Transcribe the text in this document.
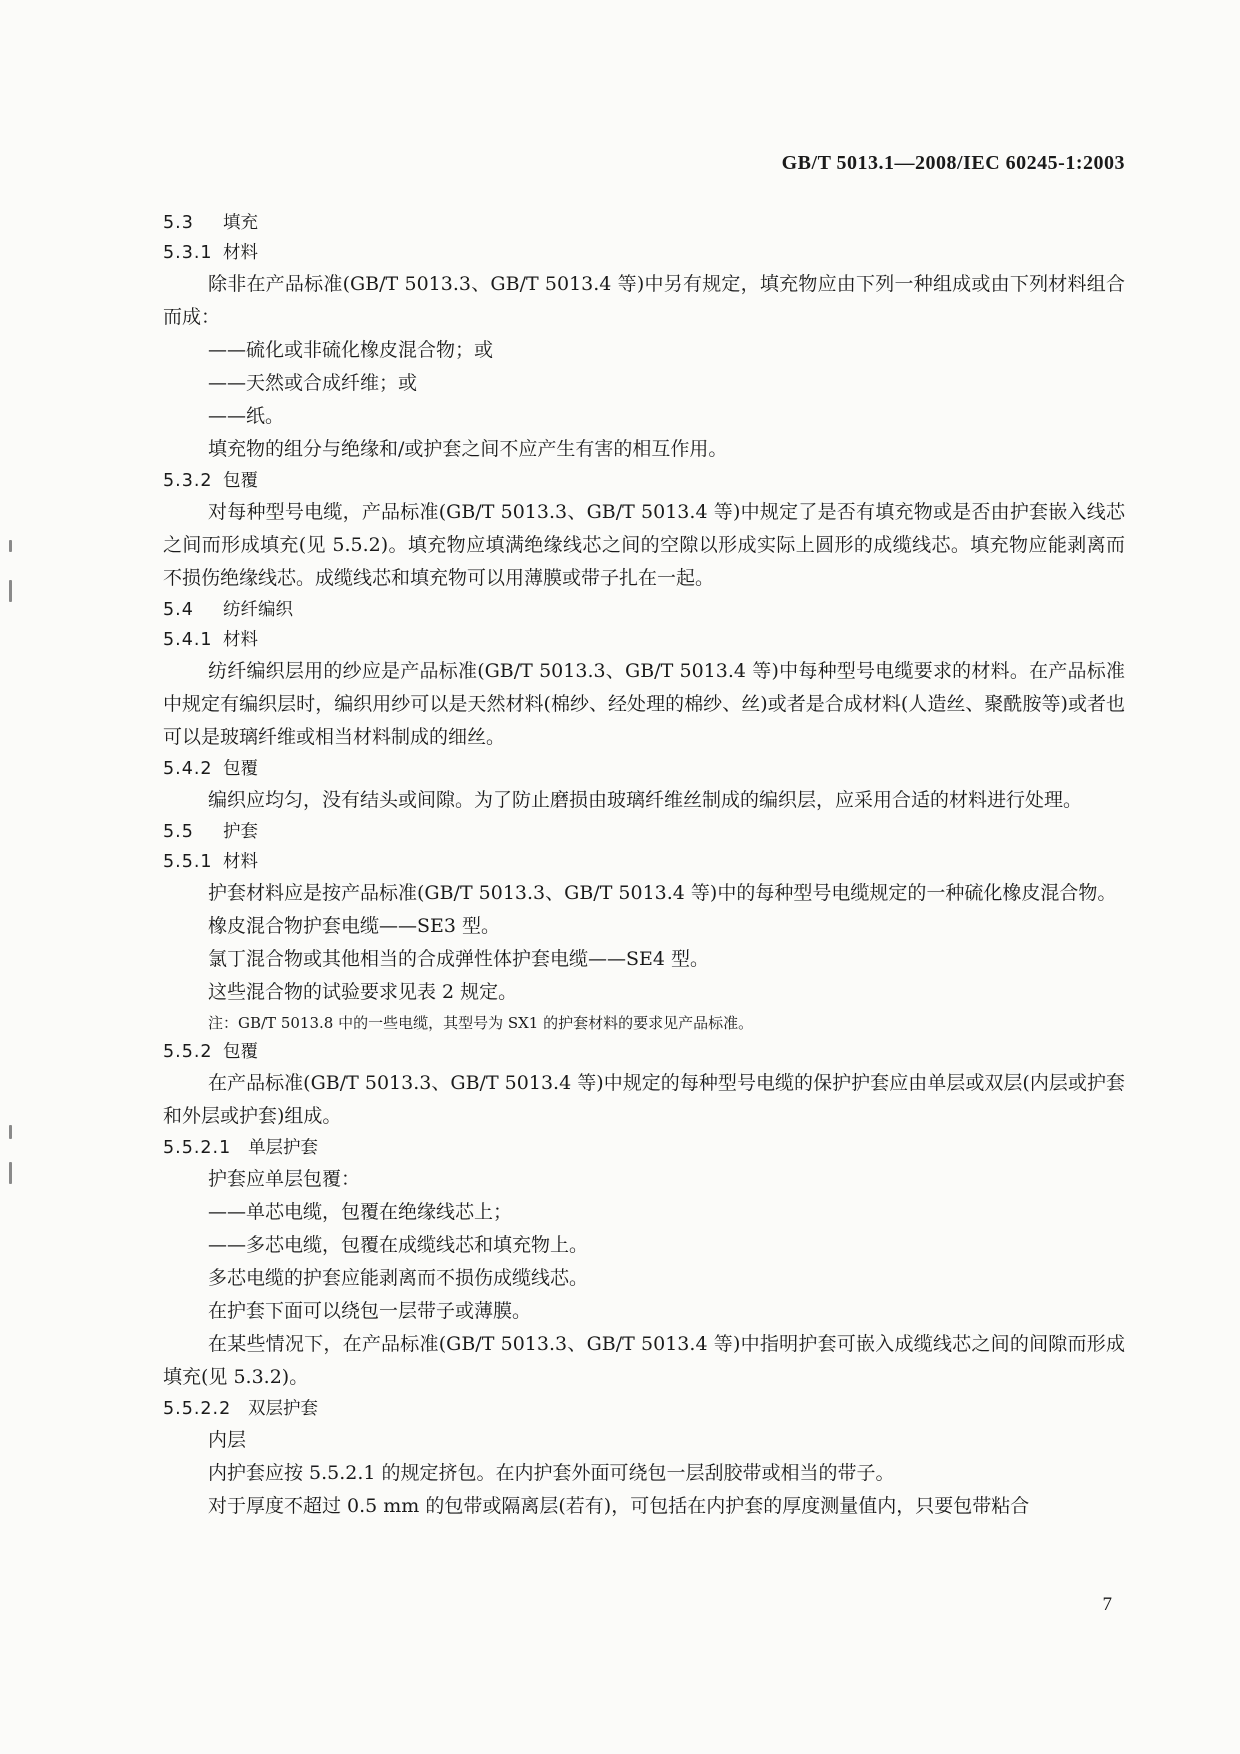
GB/T 5013.1—2008/IEC 60245-1:2003
5.3 填充
5.3.1 材料

除非在产品标准(GB/T 5013.3、GB/T 5013.4 等)中另有规定，填充物应由下列一种组成或由下列材料组合而成：

——硫化或非硫化橡皮混合物；或

——天然或合成纤维；或

——纸。

填充物的组分与绝缘和/或护套之间不应产生有害的相互作用。

5.3.2 包覆

对每种型号电缆，产品标准(GB/T 5013.3、GB/T 5013.4 等)中规定了是否有填充物或是否由护套嵌入线芯之间而形成填充(见 5.5.2)。填充物应填满绝缘线芯之间的空隙以形成实际上圆形的成缆线芯。填充物应能剥离而不损伤绝缘线芯。成缆线芯和填充物可以用薄膜或带子扎在一起。

5.4 纺纤编织
5.4.1 材料

纺纤编织层用的纱应是产品标准(GB/T 5013.3、GB/T 5013.4 等)中每种型号电缆要求的材料。在产品标准中规定有编织层时，编织用纱可以是天然材料(棉纱、经处理的棉纱、丝)或者是合成材料(人造丝、聚酰胺等)或者也可以是玻璃纤维或相当材料制成的细丝。

5.4.2 包覆

编织应均匀，没有结头或间隙。为了防止磨损由玻璃纤维丝制成的编织层，应采用合适的材料进行处理。

5.5 护套
5.5.1 材料

护套材料应是按产品标准(GB/T 5013.3、GB/T 5013.4 等)中的每种型号电缆规定的一种硫化橡皮混合物。

橡皮混合物护套电缆——SE3 型。

氯丁混合物或其他相当的合成弹性体护套电缆——SE4 型。

这些混合物的试验要求见表 2 规定。

注：GB/T 5013.8 中的一些电缆，其型号为 SX1 的护套材料的要求见产品标准。

5.5.2 包覆

在产品标准(GB/T 5013.3、GB/T 5013.4 等)中规定的每种型号电缆的保护护套应由单层或双层(内层或护套和外层或护套)组成。

5.5.2.1 单层护套

护套应单层包覆：

——单芯电缆，包覆在绝缘线芯上；

——多芯电缆，包覆在成缆线芯和填充物上。

多芯电缆的护套应能剥离而不损伤成缆线芯。

在护套下面可以绕包一层带子或薄膜。

在某些情况下，在产品标准(GB/T 5013.3、GB/T 5013.4 等)中指明护套可嵌入成缆线芯之间的间隙而形成填充(见 5.3.2)。

5.5.2.2 双层护套

内层

内护套应按 5.5.2.1 的规定挤包。在内护套外面可绕包一层刮胶带或相当的带子。

对于厚度不超过 0.5 mm 的包带或隔离层(若有)，可包括在内护套的厚度测量值内，只要包带粘合

7
